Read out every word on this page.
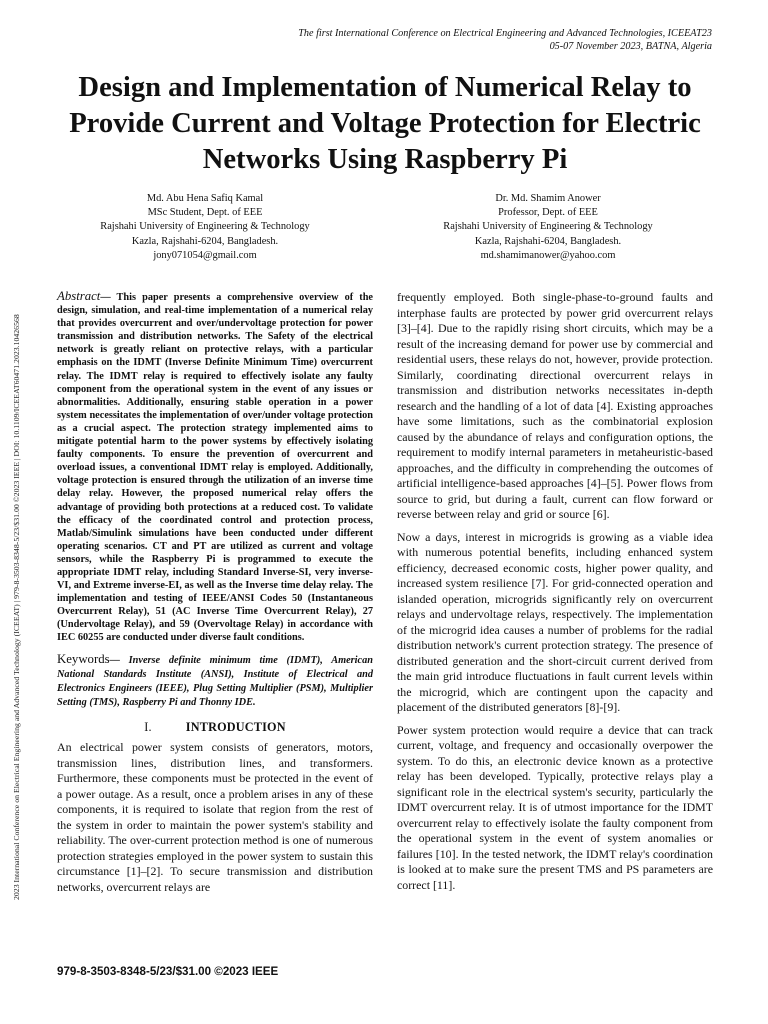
The first International Conference on Electrical Engineering and Advanced Technologies, ICEEAT23
05-07 November 2023, BATNA, Algeria
2023 International Conference on Electrical Engineering and Advanced Technology (ICEEAT) | 979-8-3503-8348-5/23/$31.00 ©2023 IEEE | DOI: 10.1109/ICEEAT60471.2023.10426568
Design and Implementation of Numerical Relay to Provide Current and Voltage Protection for Electric Networks Using Raspberry Pi
Md. Abu Hena Safiq Kamal
MSc Student, Dept. of EEE
Rajshahi University of Engineering & Technology
Kazla, Rajshahi-6204, Bangladesh.
jony071054@gmail.com
Dr. Md. Shamim Anower
Professor, Dept. of EEE
Rajshahi University of Engineering & Technology
Kazla, Rajshahi-6204, Bangladesh.
md.shamimanower@yahoo.com

Abstract— This paper presents a comprehensive overview of the design, simulation, and real-time implementation of a numerical relay that provides overcurrent and over/undervoltage protection for power transmission and distribution networks. The Safety of the electrical network is greatly reliant on protective relays, with a particular emphasis on the IDMT (Inverse Definite Minimum Time) overcurrent relay. The IDMT relay is required to effectively isolate any faulty component from the operational system in the event of any issues or abnormalities. Additionally, ensuring stable operation in a power system necessitates the implementation of over/under voltage protection as a crucial aspect. The protection strategy implemented aims to mitigate potential harm to the power systems by effectively isolating faulty components. To ensure the prevention of overcurrent and overload issues, a conventional IDMT relay is employed. Additionally, voltage protection is ensured through the utilization of an inverse time delay relay. However, the proposed numerical relay offers the advantage of providing both protections at a reduced cost. To validate the efficacy of the coordinated control and protection process, Matlab/Simulink simulations have been conducted under different operating scenarios. CT and PT are utilized as current and voltage sensors, while the Raspberry Pi is programmed to execute the appropriate IDMT relay, including Standard Inverse-SI, very inverse-VI, and Extreme inverse-EI, as well as the Inverse time delay relay. The implementation and testing of IEEE/ANSI Codes 50 (Instantaneous Overcurrent Relay), 51 (AC Inverse Time Overcurrent Relay), 27 (Undervoltage Relay), and 59 (Overvoltage Relay) in accordance with IEC 60255 are conducted under diverse fault conditions.

Keywords— Inverse definite minimum time (IDMT), American National Standards Institute (ANSI), Institute of Electrical and Electronics Engineers (IEEE), Plug Setting Multiplier (PSM), Multiplier Setting (TMS), Raspberry Pi and Thonny IDE.

I.	INTRODUCTION

An electrical power system consists of generators, motors, transmission lines, distribution lines, and transformers. Furthermore, these components must be protected in the event of a power outage. As a result, once a problem arises in any of these components, it is required to isolate that region from the rest of the system in order to maintain the power system's stability and reliability. The over-current protection method is one of numerous protection strategies employed in the power system to sustain this circumstance [1]–[2]. To secure transmission and distribution networks, overcurrent relays are

frequently employed. Both single-phase-to-ground faults and interphase faults are protected by power grid overcurrent relays [3]–[4]. Due to the rapidly rising short circuits, which may be a result of the increasing demand for power use by commercial and residential users, these relays do not, however, provide protection. Similarly, coordinating directional overcurrent relays in transmission and distribution networks necessitates in-depth research and the handling of a lot of data [4]. Existing approaches have some limitations, such as the combinatorial explosion caused by the abundance of relays and configuration options, the requirement to modify internal parameters in metaheuristic-based approaches, and the difficulty in comprehending the outcomes of artificial intelligence-based approaches [4]–[5]. Power flows from source to grid, but during a fault, current can flow forward or reverse between relay and grid or source [6].

Now a days, interest in microgrids is growing as a viable idea with numerous potential benefits, including enhanced system efficiency, decreased economic costs, higher power quality, and increased system resilience [7]. For grid-connected operation and islanded operation, microgrids significantly rely on overcurrent relays and undervoltage relays, respectively. The implementation of the microgrid idea causes a number of problems for the radial distribution network's current protection strategy. The presence of distributed generation and the short-circuit current derived from the main grid introduce fluctuations in fault current levels within the microgrid, which are contingent upon the capacity and placement of the distributed generators [8]-[9].

Power system protection would require a device that can track current, voltage, and frequency and occasionally overpower the system. To do this, an electronic device known as a protective relay has been developed. Typically, protective relays play a significant role in the electrical system's security, particularly the IDMT overcurrent relay. It is of utmost importance for the IDMT overcurrent relay to effectively isolate the faulty component from the operational system in the event of system anomalies or failures [10]. In the tested network, the IDMT relay's coordination is looked at to make sure the present TMS and PS parameters are correct [11].

979-8-3503-8348-5/23/$31.00 ©2023 IEEE
